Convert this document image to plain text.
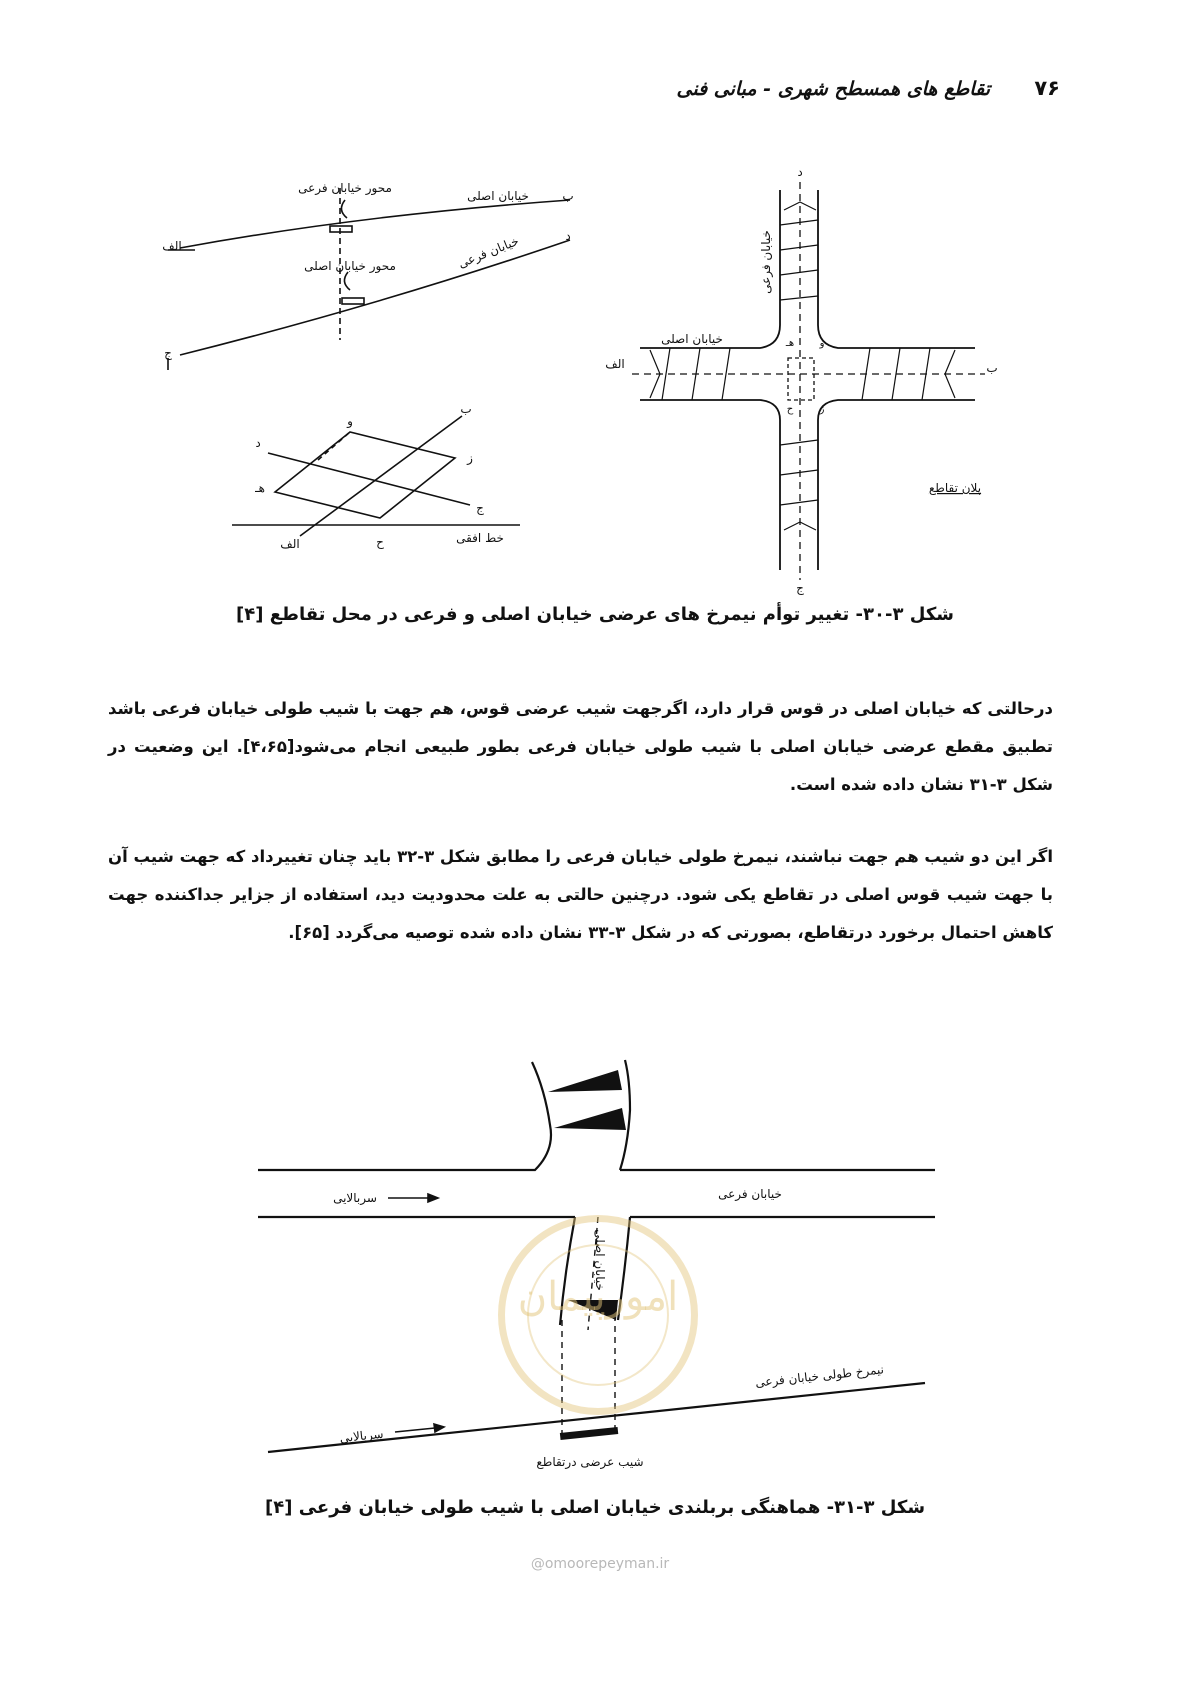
تقاطع های همسطح شهری - مبانی فنی ۷۶
محور خیابان فرعی
خیابان اصلی	ب
الف	خیابان فرعی	د
محور خیابان اصلی
ج
ب
و
د
ز
هـ
ج
خط افقی
الف	ح
د
ج
الف	ب
خیابان فرعی
خیابان اصلی
پلان تقاطع
هـ	و
ز
ح
شکل ۳-۳۰- تغییر توأم نیمرخ های عرضی خیابان اصلی و فرعی در محل تقاطع [۴]
درحالتی که خیابان اصلی در قوس قرار دارد، اگرجهت شیب عرضی قوس، هم جهت با شیب طولی خیابان فرعی باشد تطبیق مقطع عرضی خیابان اصلی با شیب طولی خیابان فرعی بطور طبیعی انجام می‌شود[۴،۶۵]. این وضعیت در شکل ۳-۳۱ نشان داده شده است.
اگر این دو شیب هم جهت نباشند، نیمرخ طولی خیابان فرعی را مطابق شکل ۳-۳۲ باید چنان تغییرداد که جهت شیب آن با جهت شیب قوس اصلی در تقاطع یکی شود. درچنین حالتی به علت محدودیت دید، استفاده از جزایر جداکننده جهت کاهش احتمال برخورد درتقاطع، بصورتی که در شکل ۳-۳۳ نشان داده شده توصیه می‌گردد [۶۵].
سربالایی	خیابان فرعی
خیابان اصلی
نیمرخ طولی خیابان فرعی
سربالایی
شیب عرضی درتقاطع
امورپیمان
شکل ۳-۳۱- هماهنگی بربلندی خیابان اصلی با شیب طولی خیابان فرعی [۴]
@omoorepeyman.ir
